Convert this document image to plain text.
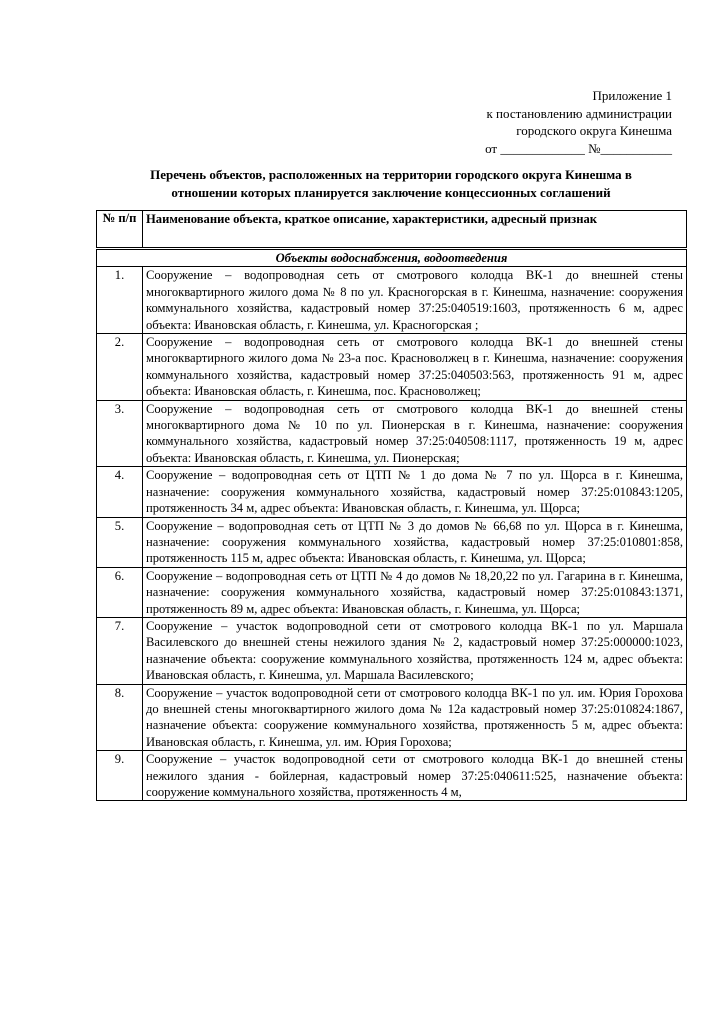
Приложение 1
к постановлению администрации
городского округа Кинешма
от _____________ №___________
Перечень объектов, расположенных на территории городского округа Кинешма в
отношении которых планируется заключение концессионных соглашений
№ п/п	Наименование объекта, краткое описание, характеристики, адресный признак
Объекты водоснабжения, водоотведения	
1.	Сооружение – водопроводная сеть от смотрового колодца ВК-1 до внешней стены многоквартирного жилого дома № 8 по ул. Красногорская в г. Кинешма, назначение: сооружения коммунального хозяйства, кадастровый номер 37:25:040519:1603, протяженность 6 м, адрес объекта: Ивановская область, г. Кинешма, ул. Красногорская ;
2.	Сооружение – водопроводная сеть от смотрового колодца ВК-1 до внешней стены многоквартирного жилого дома № 23-а пос. Красноволжец в г. Кинешма, назначение: сооружения коммунального хозяйства, кадастровый номер 37:25:040503:563, протяженность 91 м, адрес объекта: Ивановская область, г. Кинешма, пос. Красноволжец;
3.	Сооружение – водопроводная сеть от смотрового колодца ВК-1 до внешней стены многоквартирного дома № 10 по ул. Пионерская в г. Кинешма, назначение: сооружения коммунального хозяйства, кадастровый номер 37:25:040508:1117, протяженность 19 м, адрес объекта: Ивановская область, г. Кинешма, ул. Пионерская;
4.	Сооружение – водопроводная сеть от ЦТП № 1 до дома № 7 по ул. Щорса в г. Кинешма, назначение: сооружения коммунального хозяйства, кадастровый номер 37:25:010843:1205, протяженность 34 м, адрес объекта: Ивановская область, г. Кинешма, ул. Щорса;
5.	Сооружение – водопроводная сеть от ЦТП № 3 до домов № 66,68 по ул. Щорса в г. Кинешма, назначение: сооружения коммунального хозяйства, кадастровый номер 37:25:010801:858, протяженность 115 м, адрес объекта: Ивановская область, г. Кинешма, ул. Щорса;
6.	Сооружение – водопроводная сеть от ЦТП № 4 до домов № 18,20,22 по ул. Гагарина в г. Кинешма, назначение: сооружения коммунального хозяйства, кадастровый номер 37:25:010843:1371, протяженность 89 м, адрес объекта: Ивановская область, г. Кинешма, ул. Щорса;
7.	Сооружение – участок водопроводной сети от смотрового колодца ВК-1 по ул. Маршала Василевского до внешней стены нежилого здания № 2, кадастровый номер 37:25:000000:1023, назначение объекта: сооружение коммунального хозяйства, протяженность 124 м, адрес объекта: Ивановская область, г. Кинешма, ул. Маршала Василевского;
8.	Сооружение – участок водопроводной сети от смотрового колодца ВК-1 по ул. им. Юрия Горохова до внешней стены многоквартирного жилого дома № 12а кадастровый номер 37:25:010824:1867, назначение объекта: сооружение коммунального хозяйства, протяженность 5 м, адрес объекта: Ивановская область, г. Кинешма, ул. им. Юрия Горохова;
9.	Сооружение – участок водопроводной сети от смотрового колодца ВК-1 до внешней стены нежилого здания - бойлерная, кадастровый номер 37:25:040611:525, назначение объекта: сооружение коммунального хозяйства, протяженность 4 м,
